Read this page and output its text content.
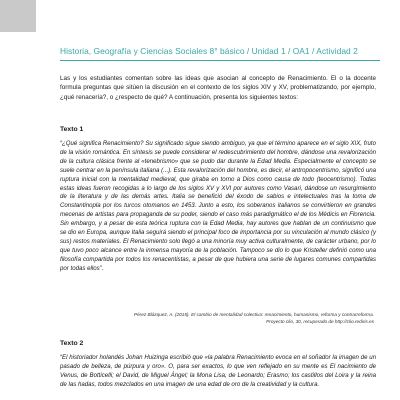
Historia, Geografía y Ciencias Sociales 8° básico / Unidad 1 / OA1 / Actividad 2

Las y los estudiantes comentan sobre las ideas que asocian al concepto de Renacimiento. El o la docente formula preguntas que sitúen la discusión en el contexto de los siglos XIV y XV, problematizando, por ejemplo, ¿qué renacería?, o ¿respecto de qué? A continuación, presenta los siguientes textos:

Texto 1

“¿Qué significa Renacimiento? Su significado sigue siendo ambiguo, ya que el término aparece en el siglo XIX, fruto de la visión romántica. En síntesis se puede considerar el redescubrimiento del hombre, dándose una revalorización de la cultura clásica frente al «tenebrismo» que se pudo dar durante la Edad Media. Especialmente el concepto se suele centrar en la península italiana (...). Esta revalorización del hombre, es decir, el antropocentrismo, significó una ruptura inicial con la mentalidad medieval, que giraba en torno a Dios como causa de todo (teocentrismo). Todas estas ideas fueron recogidas a lo largo de los siglos XV y XVI por autores como Vasari, dándose un resurgimiento de la literatura y de las demás artes. Italia se benefició del éxodo de sabios e intelectuales tras la toma de Constantinopla por los turcos otomanos en 1453. Junto a esto, los soberanos italianos se convirtieron en grandes mecenas de artistas para propaganda de su poder, siendo el caso más paradigmático el de los Médicis en Florencia. Sin embargo, y a pesar de esta teórica ruptura con la Edad Media, hay autores que hablan de un continuismo que se dio en Europa, aunque Italia seguirá siendo el principal foco de importancia por su vinculación al mundo clásico (y sus) restos materiales. El Renacimiento solo llegó a una minoría muy activa culturalmente, de carácter urbano, por lo que tuvo poco alcance entre la inmensa mayoría de la población. Tampoco se dio lo que Kristeller definió como una filosofía compartida por todos los renacentistas, a pesar de que hubiera una serie de lugares comunes compartidas por todas ellos”.

Pérez Blázquez, A. (2015). El cambio de mentalidad colectiva: renacimiento, humanismo, reforma y contrarreforma.

Proyecto clio, 30, recuperado de http://clio.rediris.es

Texto 2

“El historiador holandés Johan Huizinga escribió que «la palabra Renacimiento evoca en el soñador la imagen de un pasado de belleza, de púrpura y oro». O, para ser exactos, lo que ven reflejado en su mente es El nacimiento de Venus, de Botticelli; el David, de Miguel Ángel; la Mona Lisa, de Leonardo; Erasmo; los castillos del Loira y la reina de las hadas, todos mezclados en una imagen de una edad de oro de la creatividad y la cultura.
